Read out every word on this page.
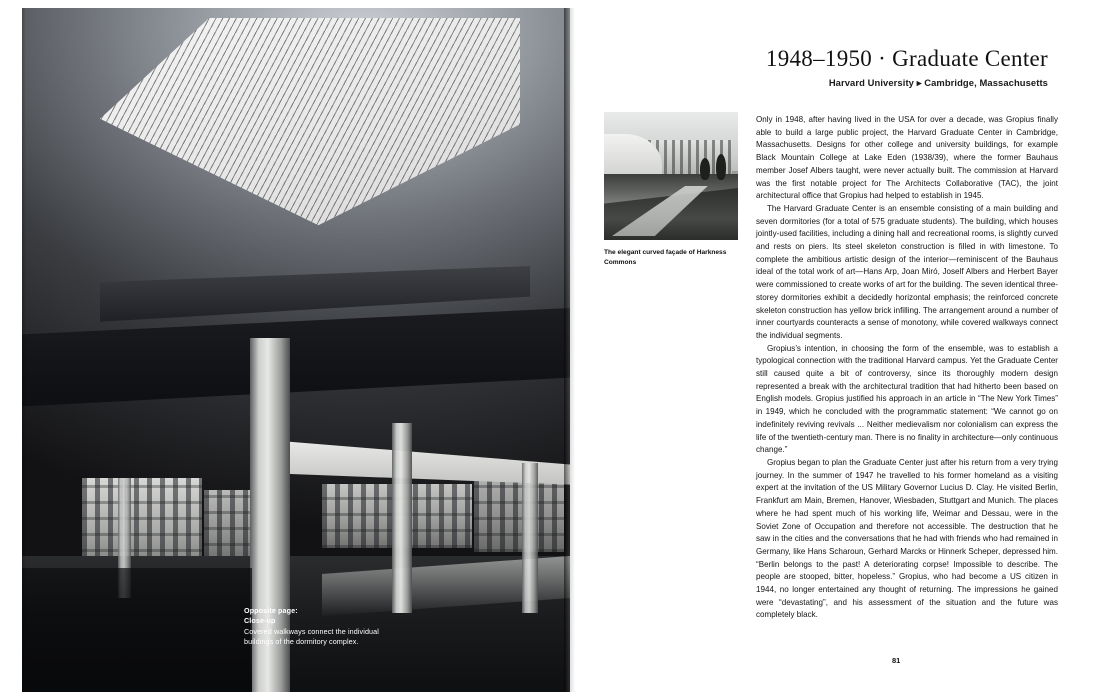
Opposite page:
Close-up
Covered walkways connect the individual
buildings of the dormitory complex.
1948–1950 · Graduate Center
Harvard University ▸ Cambridge, Massachusetts
The elegant curved façade of Harkness Commons

Only in 1948, after having lived in the USA for over a decade, was Gropius finally able to build a large public project, the Harvard Graduate Center in Cambridge, Massachusetts. Designs for other college and university buildings, for example Black Mountain College at Lake Eden (1938/39), where the former Bauhaus member Josef Albers taught, were never actually built. The commission at Harvard was the first notable project for The Architects Collaborative (TAC), the joint architectural office that Gropius had helped to establish in 1945.

The Harvard Graduate Center is an ensemble consisting of a main building and seven dormitories (for a total of 575 graduate students). The building, which houses jointly-used facilities, including a dining hall and recreational rooms, is slightly curved and rests on piers. Its steel skeleton construction is filled in with limestone. To complete the ambitious artistic design of the interior—reminiscent of the Bauhaus ideal of the total work of art—Hans Arp, Joan Miró, Joself Albers and Herbert Bayer were commissioned to create works of art for the building. The seven identical three-storey dormitories exhibit a decidedly horizontal emphasis; the reinforced concrete skeleton construction has yellow brick infilling. The arrangement around a number of inner courtyards counteracts a sense of monotony, while covered walkways connect the individual segments.

Gropius’s intention, in choosing the form of the ensemble, was to establish a typological connection with the traditional Harvard campus. Yet the Graduate Center still caused quite a bit of controversy, since its thoroughly modern design represented a break with the architectural tradition that had hitherto been based on English models. Gropius justified his approach in an article in “The New York Times” in 1949, which he concluded with the programmatic statement: “We cannot go on indefinitely reviving revivals ... Neither medievalism nor colonialism can express the life of the twentieth-century man. There is no finality in architecture—only continuous change.”

Gropius began to plan the Graduate Center just after his return from a very trying journey. In the summer of 1947 he travelled to his former homeland as a visiting expert at the invitation of the US Military Governor Lucius D. Clay. He visited Berlin, Frankfurt am Main, Bremen, Hanover, Wiesbaden, Stuttgart and Munich. The places where he had spent much of his working life, Weimar and Dessau, were in the Soviet Zone of Occupation and therefore not accessible. The destruction that he saw in the cities and the conversations that he had with friends who had remained in Germany, like Hans Scharoun, Gerhard Marcks or Hinnerk Scheper, depressed him. “Berlin belongs to the past! A deteriorating corpse! Impossible to describe. The people are stooped, bitter, hopeless.” Gropius, who had become a US citizen in 1944, no longer entertained any thought of returning. The impressions he gained were “devastating”, and his assessment of the situation and the future was completely black.

81
